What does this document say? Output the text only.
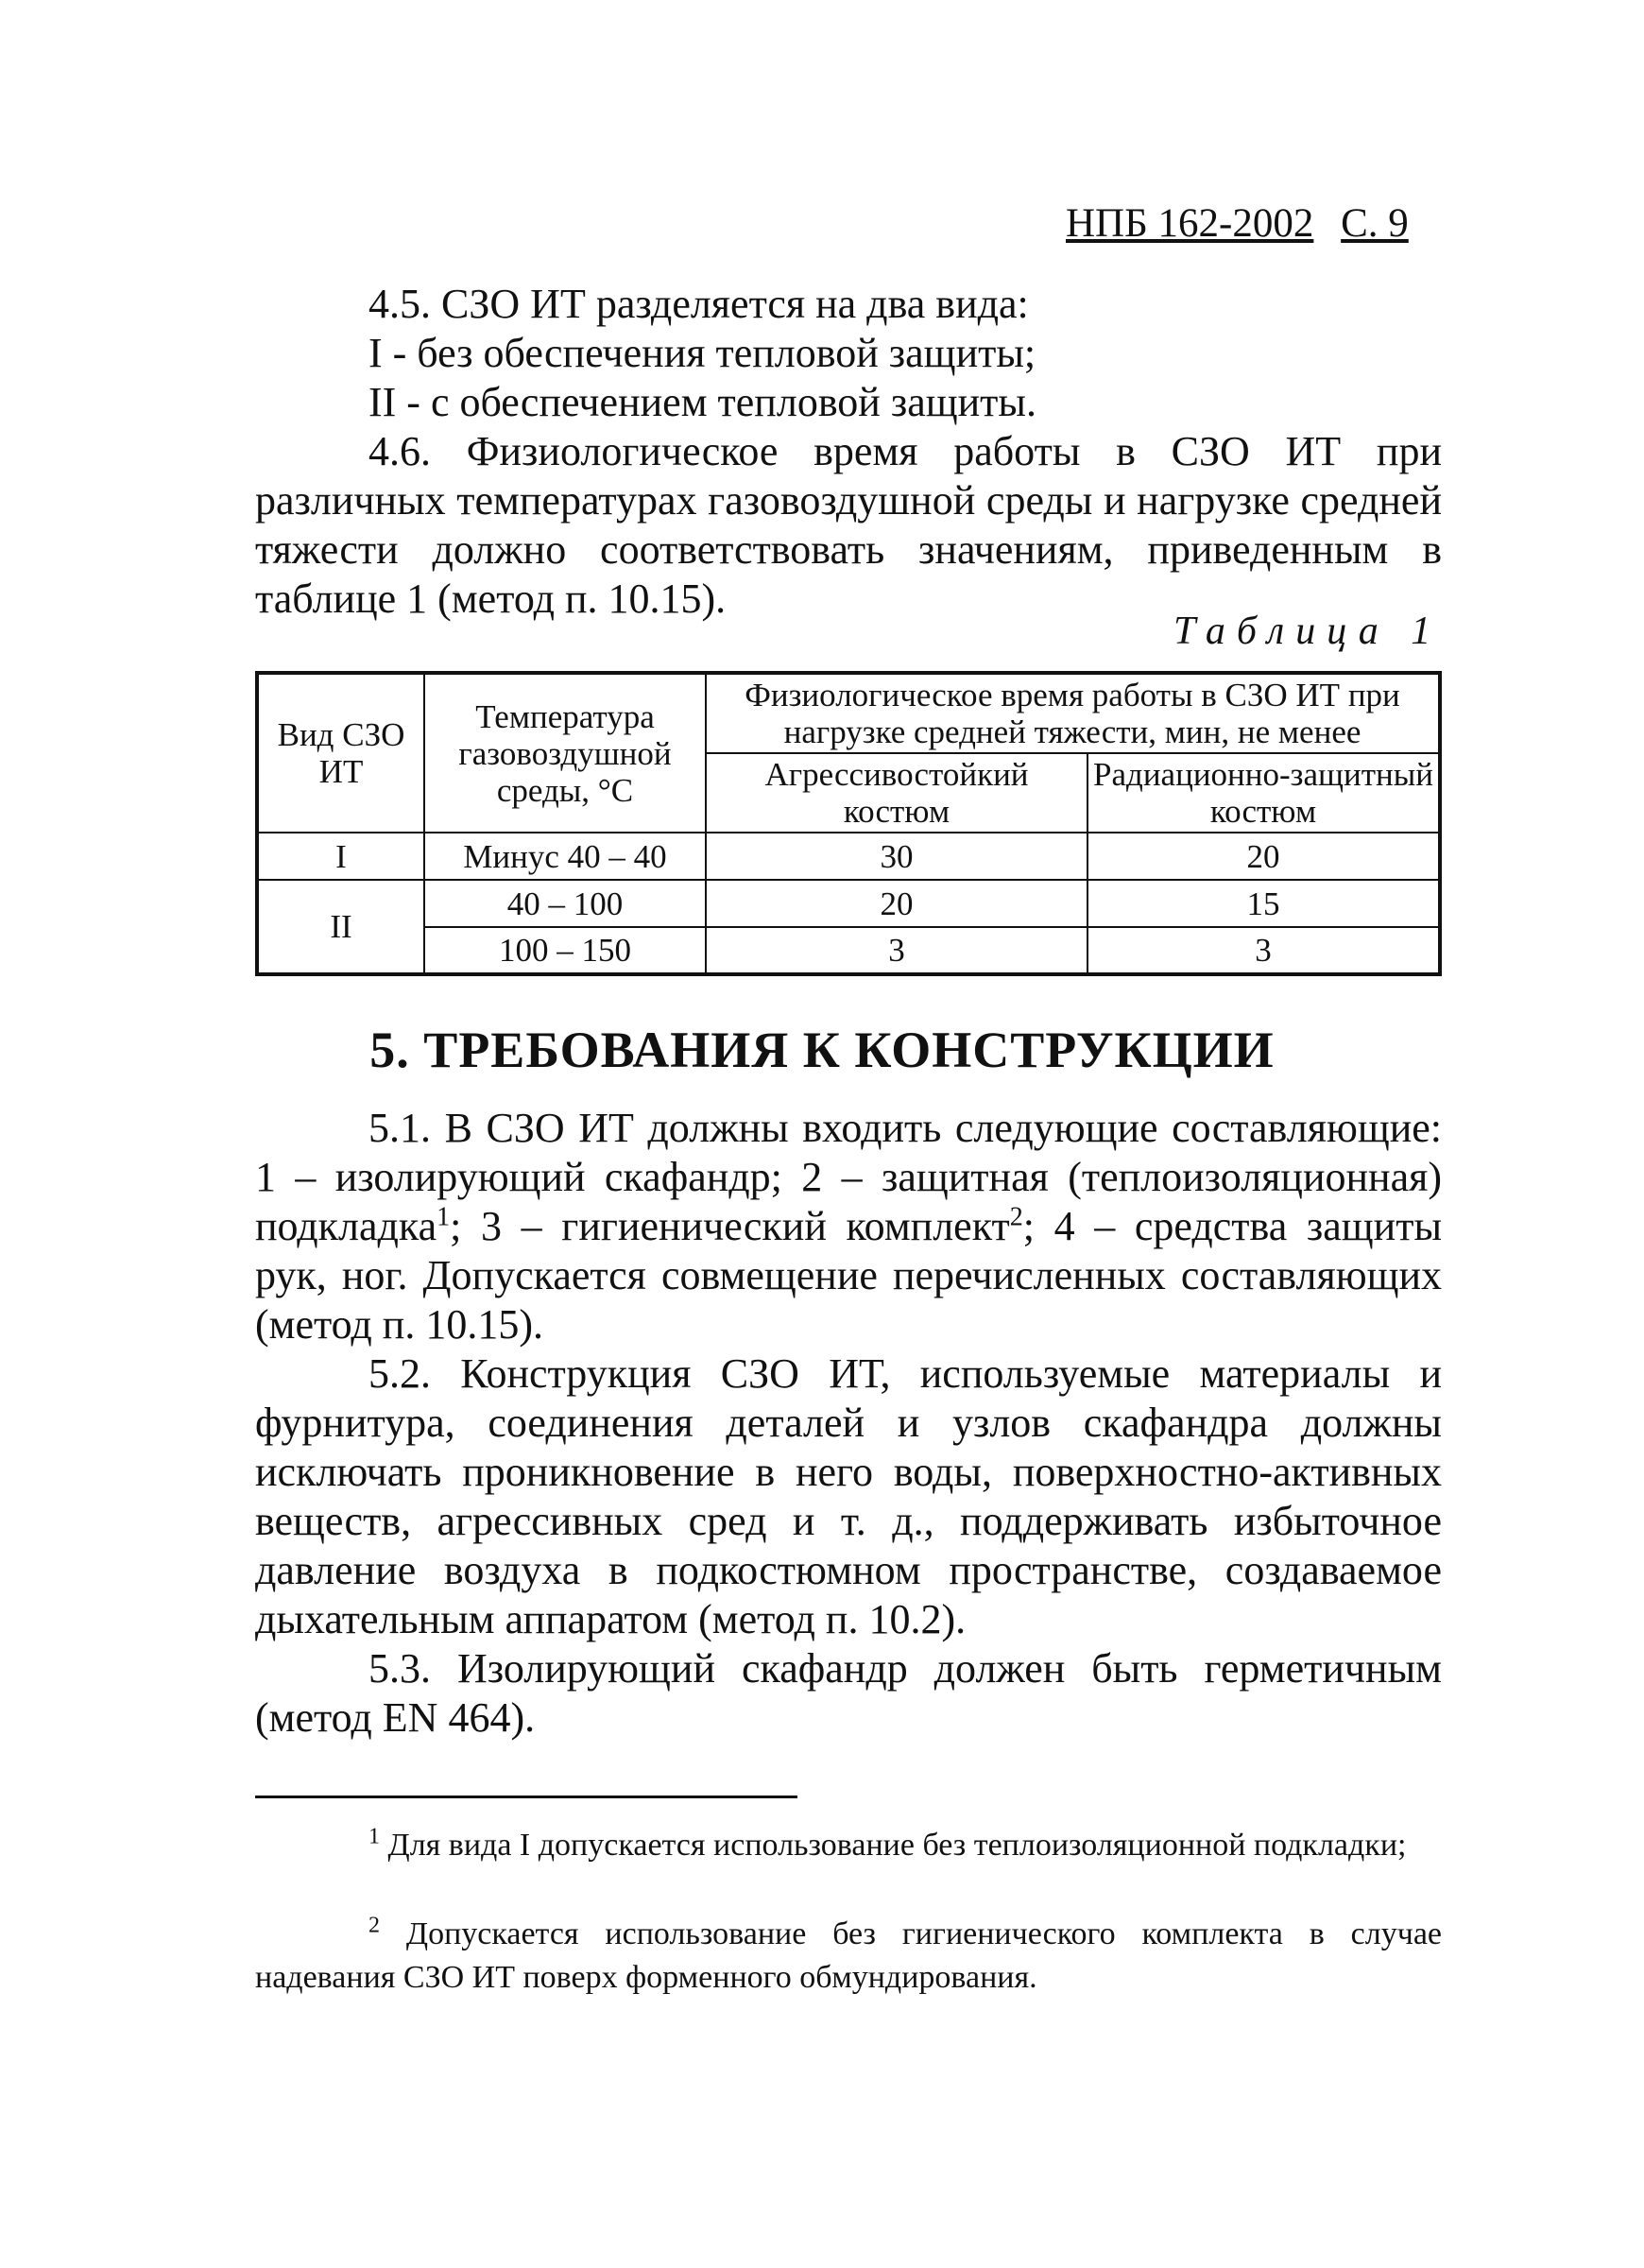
НПБ 162-2002 С. 9
4.5. СЗО ИТ разделяется на два вида:
I - без обеспечения тепловой защиты;
II - с обеспечением тепловой защиты.
4.6. Физиологическое время работы в СЗО ИТ при различных температурах газовоздушной среды и нагрузке средней тяжести должно соответствовать значениям, приведенным в таблице 1 (метод п. 10.15).
Таблица 1
Вид СЗО ИТ	Температура газовоздушной среды, °С	Физиологическое время работы в СЗО ИТ при нагрузке средней тяжести, мин, не менее	
		Агрессивостойкий костюм	Радиационно-защитный костюм
I	Минус 40 – 40	30	20
II	40 – 100	20	15
	100 – 150	3	3
5. ТРЕБОВАНИЯ К КОНСТРУКЦИИ
5.1. В СЗО ИТ должны входить следующие составляющие: 1 – изолирующий скафандр; 2 – защитная (теплоизоляционная) подкладка$^1$; 3 – гигиенический комплект$^2$; 4 – средства защиты рук, ног. Допускается совмещение перечисленных составляющих (метод п. 10.15).
5.2. Конструкция СЗО ИТ, используемые материалы и фурнитура, соединения деталей и узлов скафандра должны исключать проникновение в него воды, поверхностно-активных веществ, агрессивных сред и т. д., поддерживать избыточное давление воздуха в подкостюмном пространстве, создаваемое дыхательным аппаратом (метод п. 10.2).
5.3. Изолирующий скафандр должен быть герметичным (метод EN 464).
$^1$ Для вида I допускается использование без теплоизоляционной подкладки;
$^2$ Допускается использование без гигиенического комплекта в случае надевания СЗО ИТ поверх форменного обмундирования.
